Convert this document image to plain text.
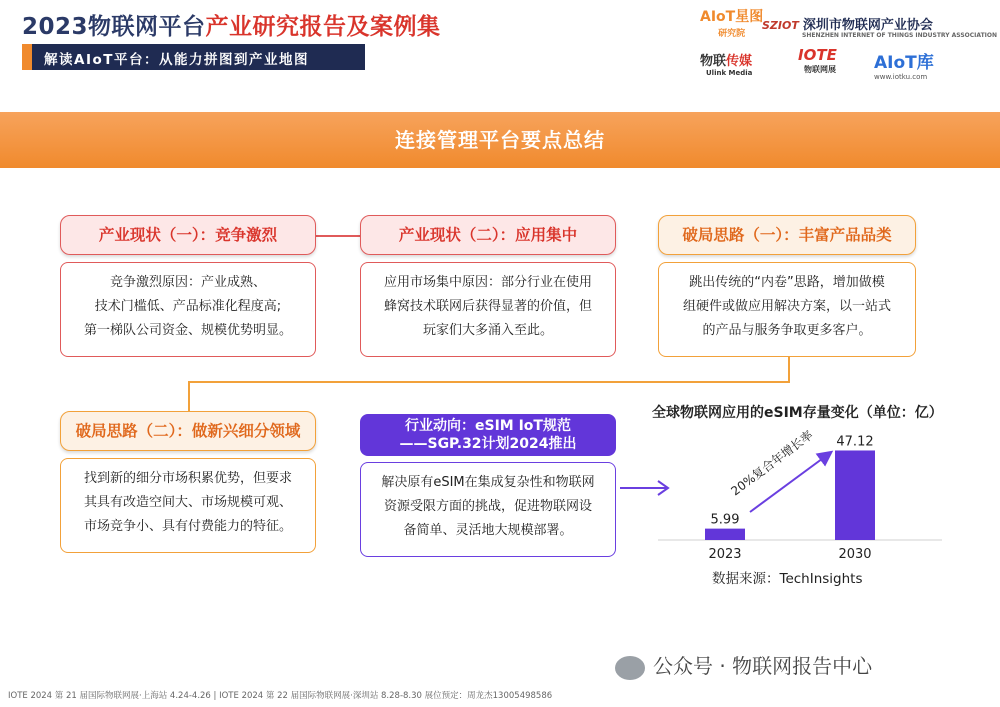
2023物联网平台产业研究报告及案例集
解读AIoT平台：从能力拼图到产业地图
AIoT星图
研究院
SZIOT 深圳市物联网产业协会
SHENZHEN INTERNET OF THINGS INDUSTRY ASSOCIATION
物联传媒
Ulink Media
IOTE
物联网展 AIoT库
www.iotku.com
连接管理平台要点总结
产业现状（一）：竞争激烈
竞争激烈原因：产业成熟、
技术门槛低、产品标准化程度高;
第一梯队公司资金、规模优势明显。
产业现状（二）：应用集中
应用市场集中原因：部分行业在使用
蜂窝技术联网后获得显著的价值，但
玩家们大多涌入至此。
破局思路（一）：丰富产品品类
跳出传统的“内卷”思路，增加做模
组硬件或做应用解决方案，以一站式
的产品与服务争取更多客户。
破局思路（二）：做新兴细分领域
找到新的细分市场积累优势，但要求
其具有改造空间大、市场规模可观、
市场竞争小、具有付费能力的特征。
行业动向：eSIM IoT规范
——SGP.32计划2024推出
解决原有eSIM在集成复杂性和物联网
资源受限方面的挑战，促进物联网设
备简单、灵活地大规模部署。
全球物联网应用的eSIM存量变化（单位：亿）
5.99
2023
47.12
2030
20%复合年增长率
数据来源：TechInsights
公众号 · 物联网报告中心
IOTE 2024 第 21 届国际物联网展·上海站 4.24-4.26 | IOTE 2024 第 22 届国际物联网展·深圳站 8.28-8.30 展位预定：周龙杰13005498586
